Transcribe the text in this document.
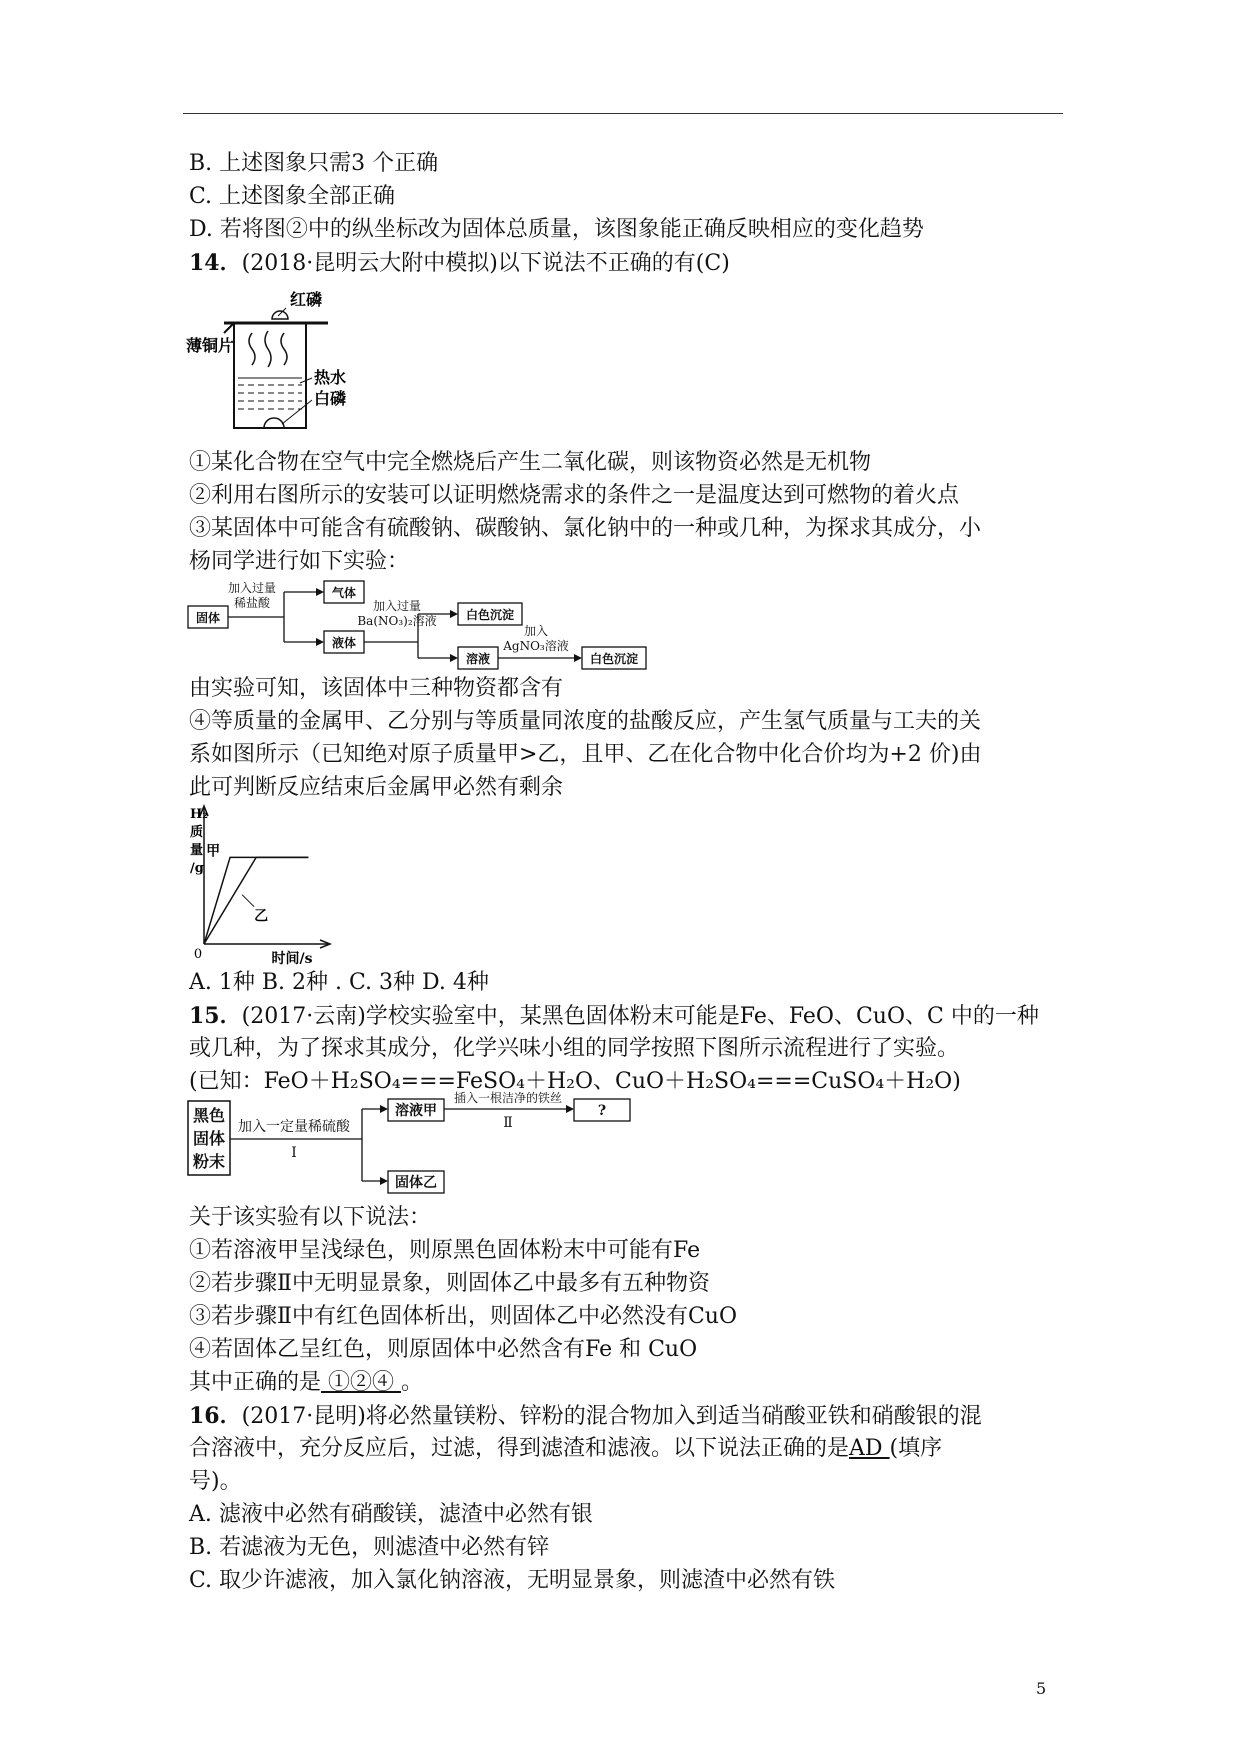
B. 上述图象只需3 个正确
C. 上述图象全部正确
D. 若将图②中的纵坐标改为固体总质量，该图象能正确反映相应的变化趋势
14．(2018·昆明云大附中模拟)以下说法不正确的有(C)
红磷
薄铜片
热水
白磷
①某化合物在空气中完全燃烧后产生二氧化碳，则该物资必然是无机物
②利用右图所示的安装可以证明燃烧需求的条件之一是温度达到可燃物的着火点
③某固体中可能含有硫酸钠、碳酸钠、氯化钠中的一种或几种，为探求其成分，小
杨同学进行如下实验：
固体
加入过量
稀盐酸
气体
液体
加入过量
Ba(NO₃)₂溶液 白色沉淀
溶液
加入
AgNO₃溶液
白色沉淀
由实验可知，该固体中三种物资都含有
④等质量的金属甲、乙分别与等质量同浓度的盐酸反应，产生氢气质量与工夫的关
系如图所示（已知绝对原子质量甲>乙，且甲、乙在化合物中化合价均为+2 价)由
此可判断反应结束后金属甲必然有剩余
H₂
质
量
/g
0	时间/s
甲
乙
A. 1种 B. 2种 . C. 3种 D. 4种
15．(2017·云南)学校实验室中，某黑色固体粉末可能是Fe、FeO、CuO、C 中的一种
或几种，为了探求其成分，化学兴味小组的同学按照下图所示流程进行了实验。
(已知：FeO＋H₂SO₄===FeSO₄＋H₂O、CuO＋H₂SO₄===CuSO₄＋H₂O)
黑色
固体
粉末
加入一定量稀硫酸
Ⅰ
溶液甲
插入一根洁净的铁丝
Ⅱ
?
固体乙
关于该实验有以下说法：
①若溶液甲呈浅绿色，则原黑色固体粉末中可能有Fe
②若步骤Ⅱ中无明显景象，则固体乙中最多有五种物资
③若步骤Ⅱ中有红色固体析出，则固体乙中必然没有CuO
④若固体乙呈红色，则原固体中必然含有Fe 和 CuO
其中正确的是 ①②④ 。
16．(2017·昆明)将必然量镁粉、锌粉的混合物加入到适当硝酸亚铁和硝酸银的混
合溶液中，充分反应后，过滤，得到滤渣和滤液。以下说法正确的是AD (填序
号)。
A. 滤液中必然有硝酸镁，滤渣中必然有银
B. 若滤液为无色，则滤渣中必然有锌
C. 取少许滤液，加入氯化钠溶液，无明显景象，则滤渣中必然有铁
5
